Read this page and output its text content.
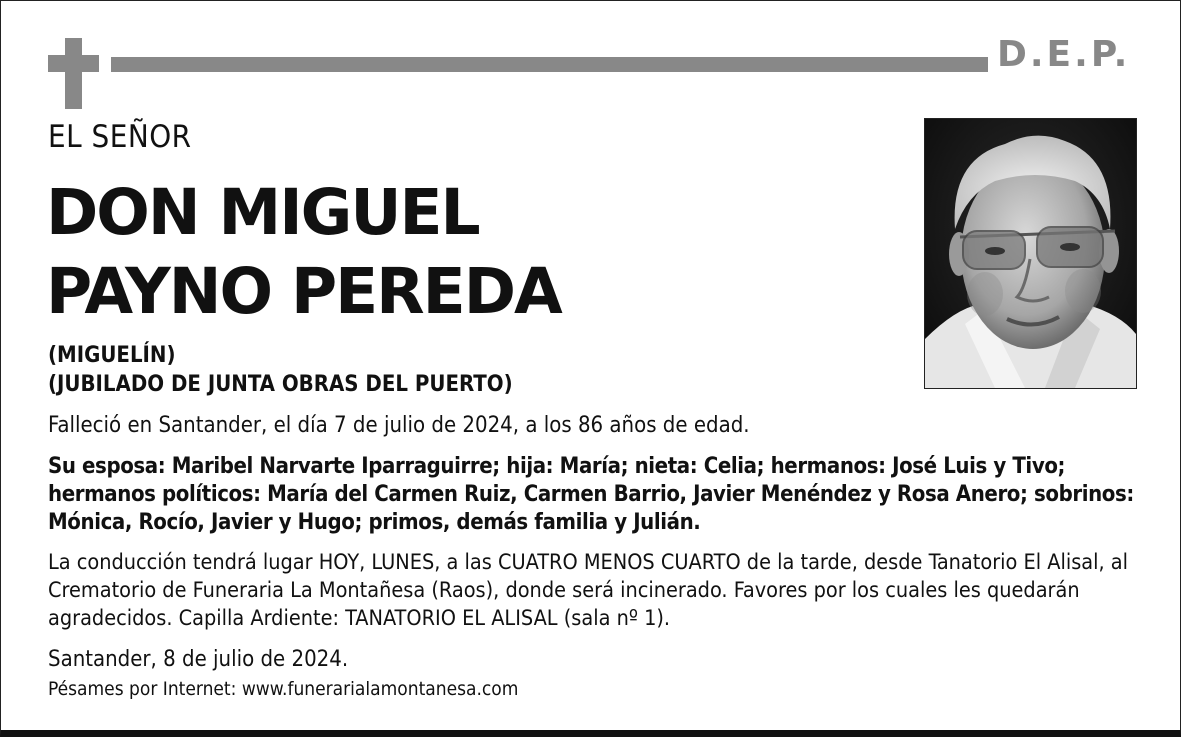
D.E.P.
EL SEÑOR
DON MIGUEL
PAYNO PEREDA
(MIGUELÍN)
(JUBILADO DE JUNTA OBRAS DEL PUERTO)
Falleció en Santander, el día 7 de julio de 2024, a los 86 años de edad.
Su esposa: Maribel Narvarte Iparraguirre; hija: María; nieta: Celia; hermanos: José Luis y Tivo; hermanos políticos: María del Carmen Ruiz, Carmen Barrio, Javier Menéndez y Rosa Anero; sobrinos: Mónica, Rocío, Javier y Hugo; primos, demás familia y Julián.
La conducción tendrá lugar HOY, LUNES, a las CUATRO MENOS CUARTO de la tarde, desde Tanatorio El Alisal, al Crematorio de Funeraria La Montañesa (Raos), donde será incinerado. Favores por los cuales les quedarán agradecidos. Capilla Ardiente: TANATORIO EL ALISAL (sala nº 1).
Santander, 8 de julio de 2024.
Pésames por Internet: www.funerarialamontanesa.com
